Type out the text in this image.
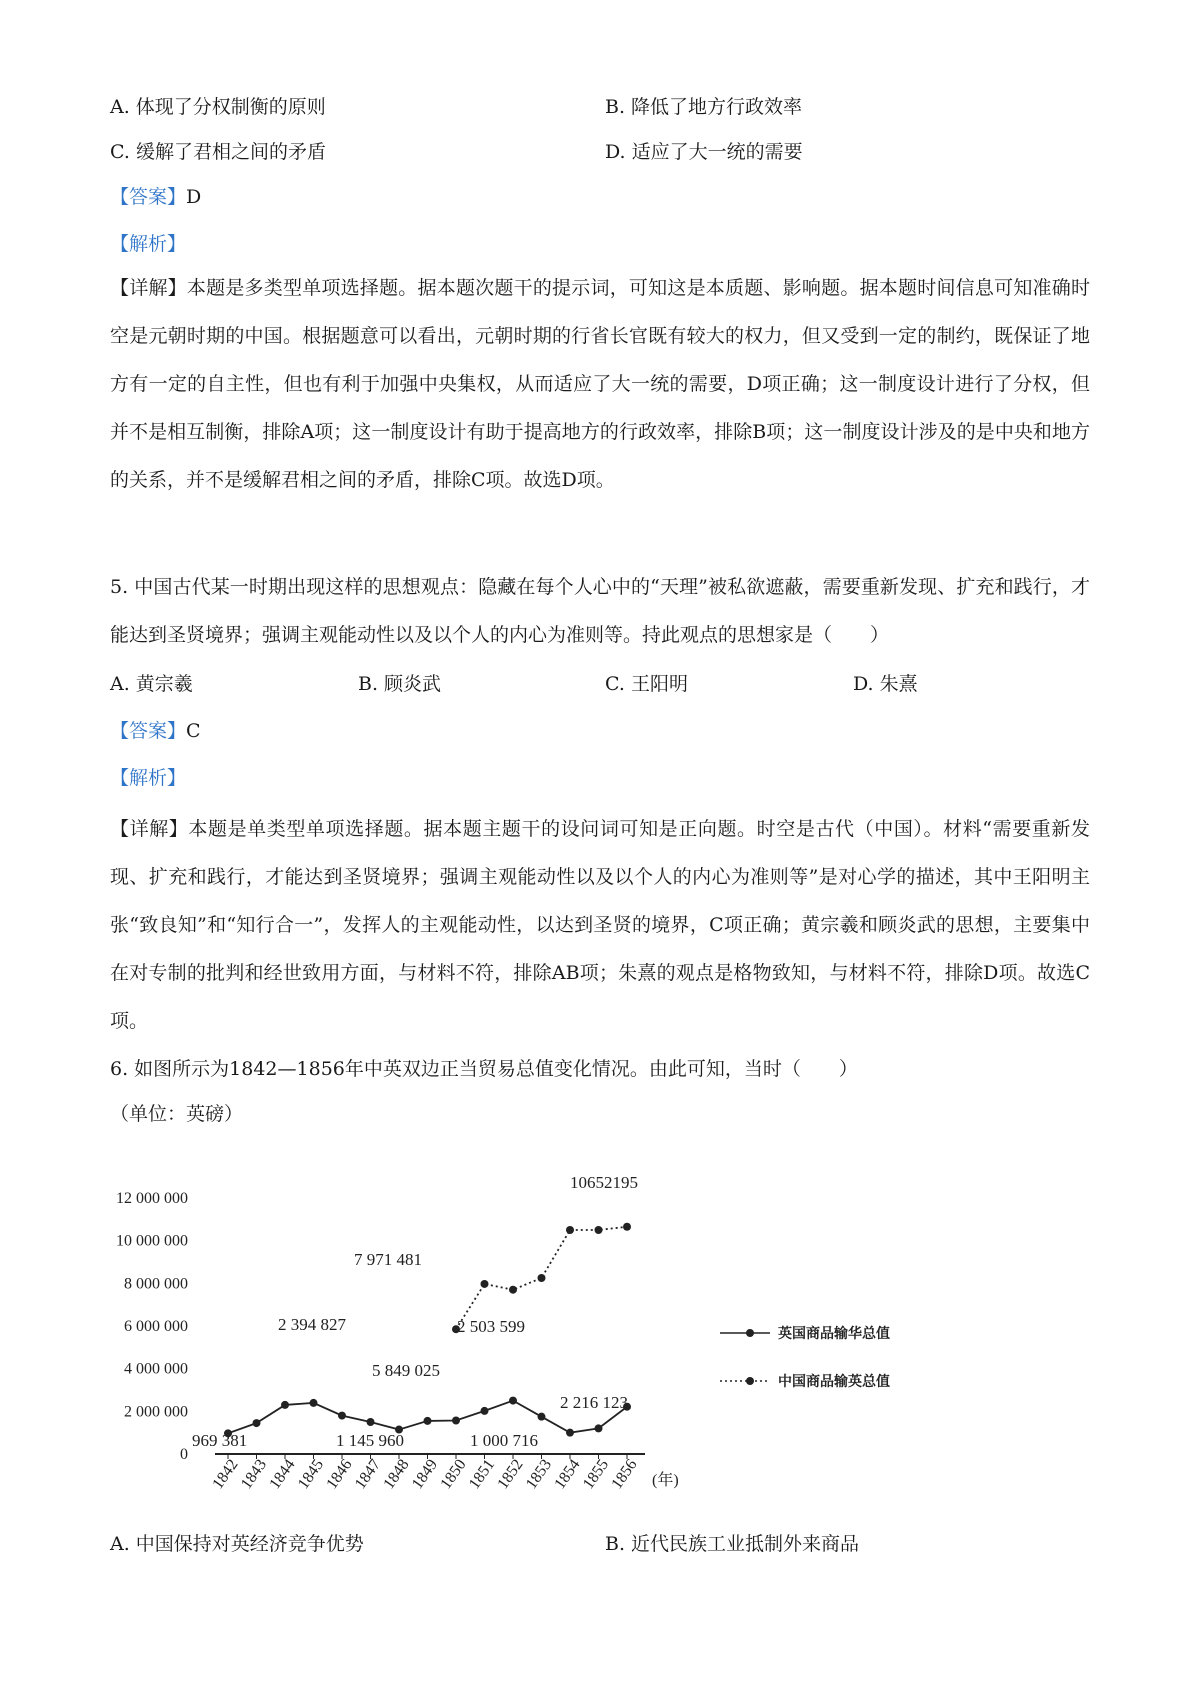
A. 体现了分权制衡的原则	B. 降低了地方行政效率
C. 缓解了君相之间的矛盾	D. 适应了大一统的需要
【答案】D
【解析】
【详解】本题是多类型单项选择题。据本题次题干的提示词，可知这是本质题、影响题。据本题时间信息可知准确时空是元朝时期的中国。根据题意可以看出，元朝时期的行省长官既有较大的权力，但又受到一定的制约，既保证了地方有一定的自主性，但也有利于加强中央集权，从而适应了大一统的需要，D项正确；这一制度设计进行了分权，但并不是相互制衡，排除A项；这一制度设计有助于提高地方的行政效率，排除B项；这一制度设计涉及的是中央和地方的关系，并不是缓解君相之间的矛盾，排除C项。故选D项。
5. 中国古代某一时期出现这样的思想观点：隐藏在每个人心中的“天理”被私欲遮蔽，需要重新发现、扩充和践行，才能达到圣贤境界；强调主观能动性以及以个人的内心为准则等。持此观点的思想家是（　　）
A. 黄宗羲	B. 顾炎武	C. 王阳明	D. 朱熹
【答案】C
【解析】
【详解】本题是单类型单项选择题。据本题主题干的设问词可知是正向题。时空是古代（中国）。材料“需要重新发现、扩充和践行，才能达到圣贤境界；强调主观能动性以及以个人的内心为准则等”是对心学的描述，其中王阳明主张“致良知”和“知行合一”，发挥人的主观能动性，以达到圣贤的境界，C项正确；黄宗羲和顾炎武的思想，主要集中在对专制的批判和经世致用方面，与材料不符，排除AB项；朱熹的观点是格物致知，与材料不符，排除D项。故选C项。
6. 如图所示为1842—1856年中英双边正当贸易总值变化情况。由此可知，当时（　　）
（单位：英磅）
12 000 000
10 000 000
8 000 000
6 000 000
4 000 000
2 000 000
0
1842
1843
1844
1845
1846
1847
1848
1849
1850
1851
1852
1853
1854
1855
1856 (年)
969 381
2 394 827
1 145 960
2 503 599
1 000 716
2 216 123
5 849 025
7 971 481
10652195
英国商品输华总值
中国商品输英总值
A. 中国保持对英经济竞争优势	B. 近代民族工业抵制外来商品
